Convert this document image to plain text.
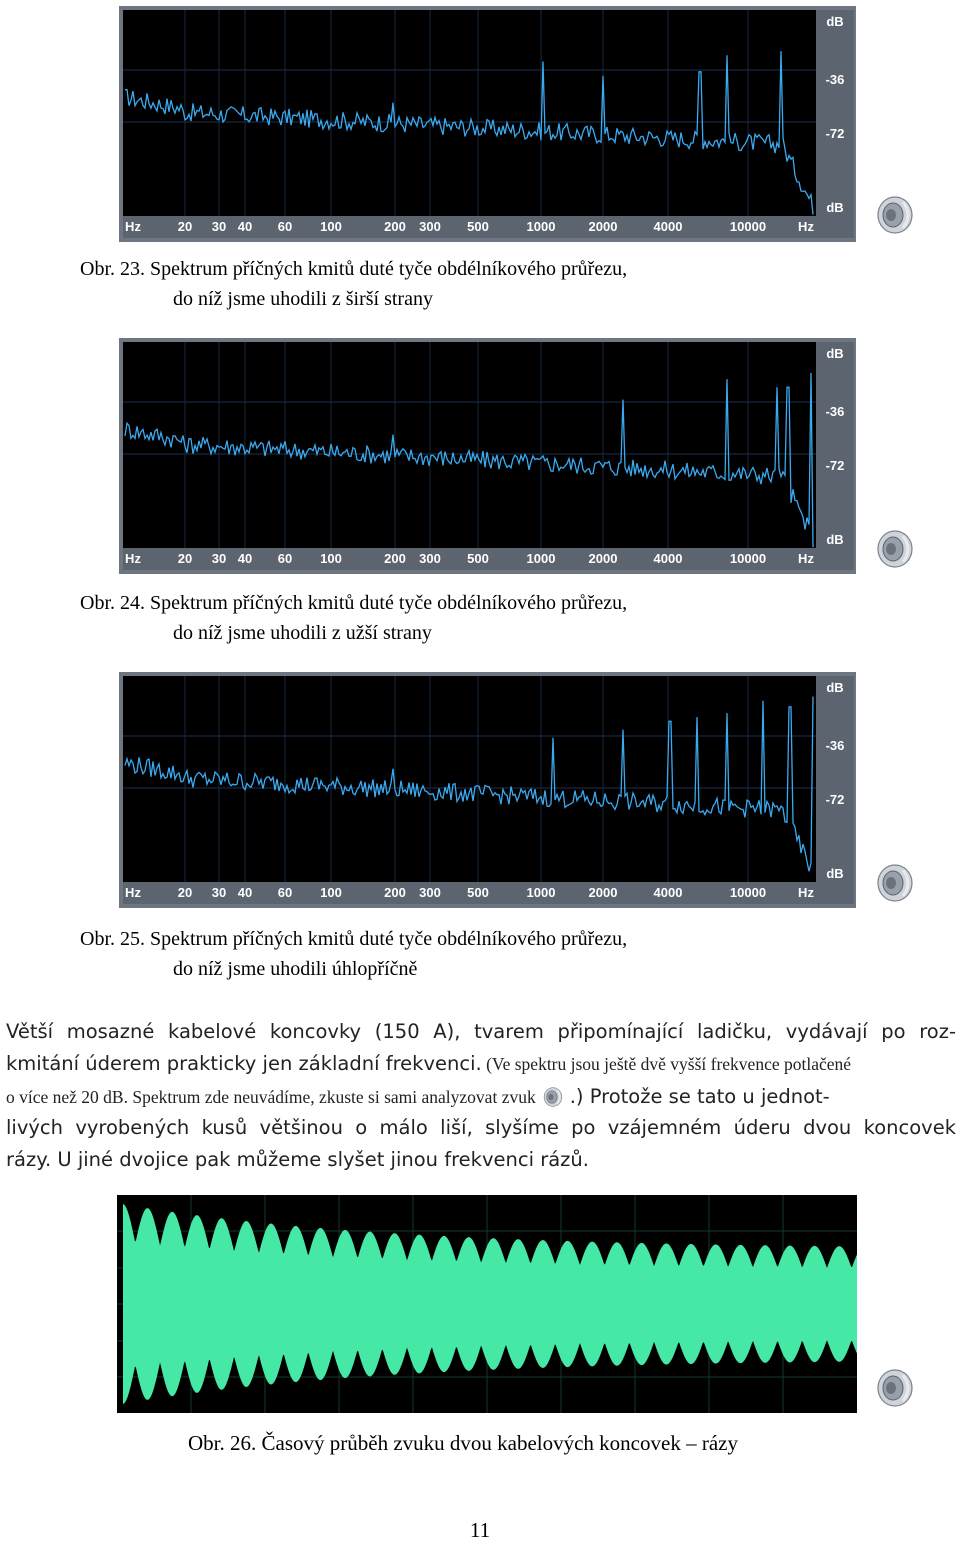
Hz	20 30 40 60 100	200 300 500	1000	2000	4000	10000 Hz
dB
-36
-72
dB
Obr. 23. Spektrum příčných kmitů duté tyče obdélníkového průřezu,
do níž jsme uhodili z širší strany
Hz	20 30 40 60 100	200 300 500	1000	2000	4000	10000 Hz
dB
-36
-72
dB
Obr. 24. Spektrum příčných kmitů duté tyče obdélníkového průřezu,
do níž jsme uhodili z užší strany
Hz	20 30 40 60 100	200 300 500	1000	2000	4000	10000 Hz
dB
-36
-72
dB
Obr. 25. Spektrum příčných kmitů duté tyče obdélníkového průřezu,
do níž jsme uhodili úhlopříčně
Větší mosazné kabelové koncovky (150 A), tvarem připomínající ladičku, vydávají po roz-
kmitání úderem prakticky jen základní frekvenci. (Ve spektru jsou ještě dvě vyšší frekvence potlačené
o více než 20 dB. Spektrum zde neuvádíme, zkuste si sami analyzovat zvuk .) Protože se tato u jednot-
livých vyrobených kusů většinou o málo liší, slyšíme po vzájemném úderu dvou koncovek
rázy. U jiné dvojice pak můžeme slyšet jinou frekvenci rázů.
Obr. 26. Časový průběh zvuku dvou kabelových koncovek – rázy
11
